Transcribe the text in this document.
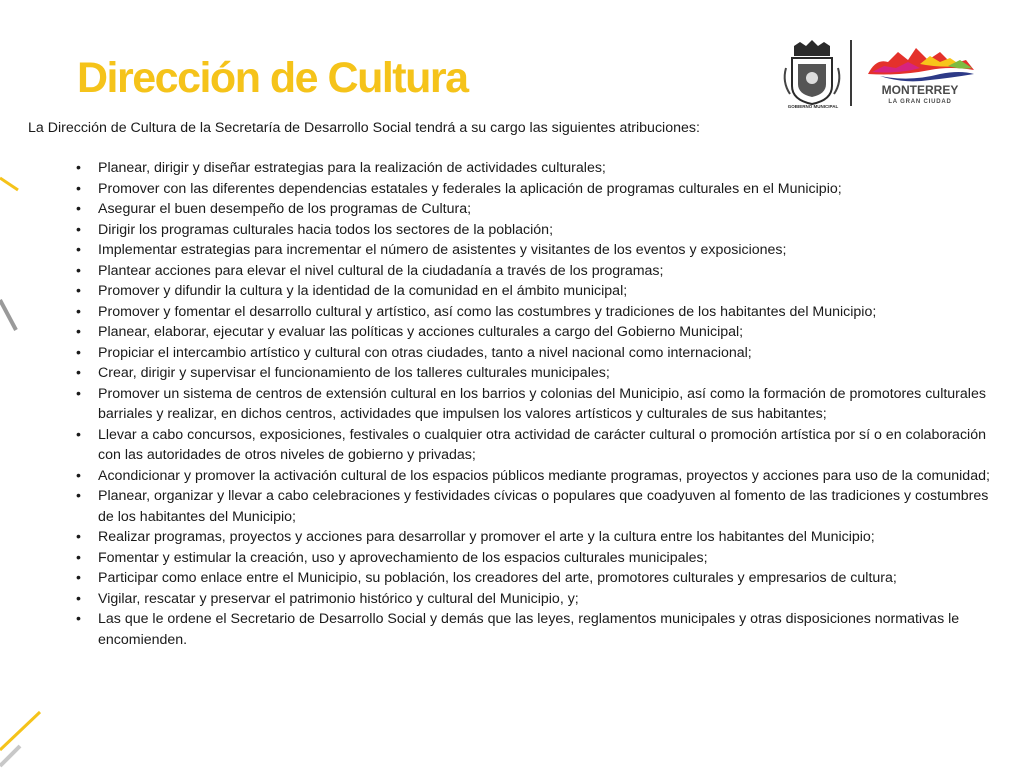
Dirección de Cultura
GOBIERNO MUNICIPAL
MONTERREY
LA GRAN CIUDAD

La Dirección de Cultura de la Secretaría de Desarrollo Social tendrá a su cargo las siguientes atribuciones:

• Planear, dirigir y diseñar estrategias para la realización de actividades culturales;
• Promover con las diferentes dependencias estatales y federales la aplicación de programas culturales en el Municipio;
• Asegurar el buen desempeño de los programas de Cultura;
• Dirigir los programas culturales hacia todos los sectores de la población;
• Implementar estrategias para incrementar el número de asistentes y visitantes de los eventos y exposiciones;
• Plantear acciones para elevar el nivel cultural de la ciudadanía a través de los programas;
• Promover y difundir la cultura y la identidad de la comunidad en el ámbito municipal;
• Promover y fomentar el desarrollo cultural y artístico, así como las costumbres y tradiciones de los habitantes del Municipio;
• Planear, elaborar, ejecutar y evaluar las políticas y acciones culturales a cargo del Gobierno Municipal;
• Propiciar el intercambio artístico y cultural con otras ciudades, tanto a nivel nacional como internacional;
• Crear, dirigir y supervisar el funcionamiento de los talleres culturales municipales;
• Promover un sistema de centros de extensión cultural en los barrios y colonias del Municipio, así como la formación de promotores culturales barriales y realizar, en dichos centros, actividades que impulsen los valores artísticos y culturales de sus habitantes;
• Llevar a cabo concursos, exposiciones, festivales o cualquier otra actividad de carácter cultural o promoción artística por sí o en colaboración con las autoridades de otros niveles de gobierno y privadas;
• Acondicionar y promover la activación cultural de los espacios públicos mediante programas, proyectos y acciones para uso de la comunidad;
• Planear, organizar y llevar a cabo celebraciones y festividades cívicas o populares que coadyuven al fomento de las tradiciones y costumbres de los habitantes del Municipio;
• Realizar programas, proyectos y acciones para desarrollar y promover el arte y la cultura entre los habitantes del Municipio;
• Fomentar y estimular la creación, uso y aprovechamiento de los espacios culturales municipales;
• Participar como enlace entre el Municipio, su población, los creadores del arte, promotores culturales y empresarios de cultura;
• Vigilar, rescatar y preservar el patrimonio histórico y cultural del Municipio, y;
• Las que le ordene el Secretario de Desarrollo Social y demás que las leyes, reglamentos municipales y otras disposiciones normativas le encomienden.
